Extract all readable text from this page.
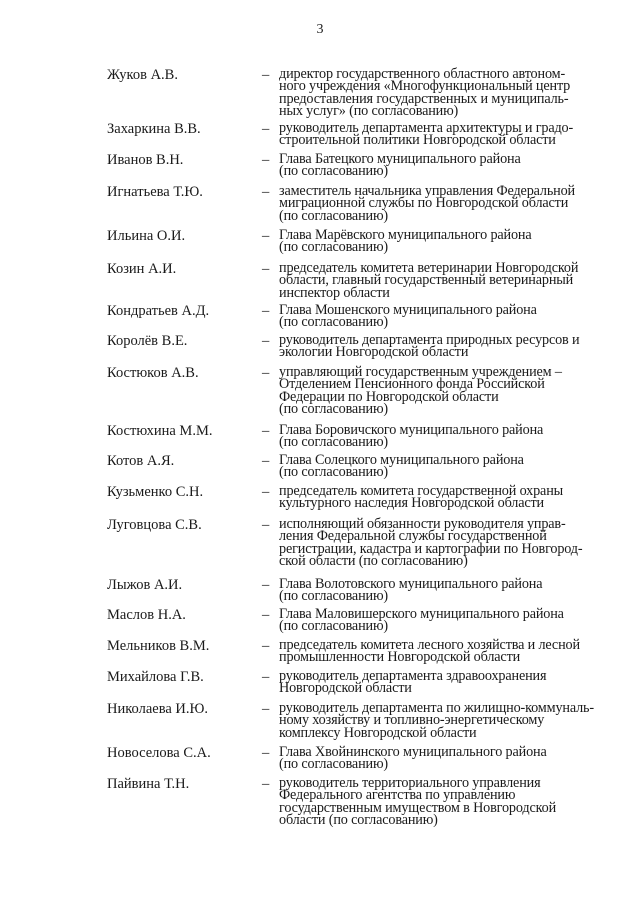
3
Жуков А.В.	– директор государственного областного автоном-
ного учреждения «Многофункциональный центр
предоставления государственных и муниципаль-
ных услуг» (по согласованию)
Захаркина В.В.	– руководитель департамента архитектуры и градо-
строительной политики Новгородской области
Иванов В.Н.	– Глава Батецкого муниципального района
(по согласованию)
Игнатьева Т.Ю.	– заместитель начальника управления Федеральной
миграционной службы по Новгородской области
(по согласованию)
Ильина О.И.	– Глава Марёвского муниципального района
(по согласованию)
Козин А.И.	– председатель комитета ветеринарии Новгородской
области, главный государственный ветеринарный
инспектор области
Кондратьев А.Д.	– Глава Мошенского муниципального района
(по согласованию)
Королёв В.Е.	– руководитель департамента природных ресурсов и
экологии Новгородской области
Костюков А.В.	– управляющий государственным учреждением –
Отделением Пенсионного фонда Российской
Федерации по Новгородской области
(по согласованию)
Костюхина М.М.	– Глава Боровичского муниципального района
(по согласованию)
Котов А.Я.	– Глава Солецкого муниципального района
(по согласованию)
Кузьменко С.Н.	– председатель комитета государственной охраны
культурного наследия Новгородской области
Луговцова С.В.	– исполняющий обязанности руководителя управ-
ления Федеральной службы государственной
регистрации, кадастра и картографии по Новгород-
ской области (по согласованию)
Лыжов А.И.	– Глава Волотовского муниципального района
(по согласованию)
Маслов Н.А.	– Глава Маловишерского муниципального района
(по согласованию)
Мельников В.М.	– председатель комитета лесного хозяйства и лесной
промышленности Новгородской области
Михайлова Г.В.	– руководитель департамента здравоохранения
Новгородской области
Николаева И.Ю.	– руководитель департамента по жилищно-коммуналь-
ному хозяйству и топливно-энергетическому
комплексу Новгородской области
Новоселова С.А.	– Глава Хвойнинского муниципального района
(по согласованию)
Пайвина Т.Н.	– руководитель территориального управления
Федерального агентства по управлению
государственным имуществом в Новгородской
области (по согласованию)
